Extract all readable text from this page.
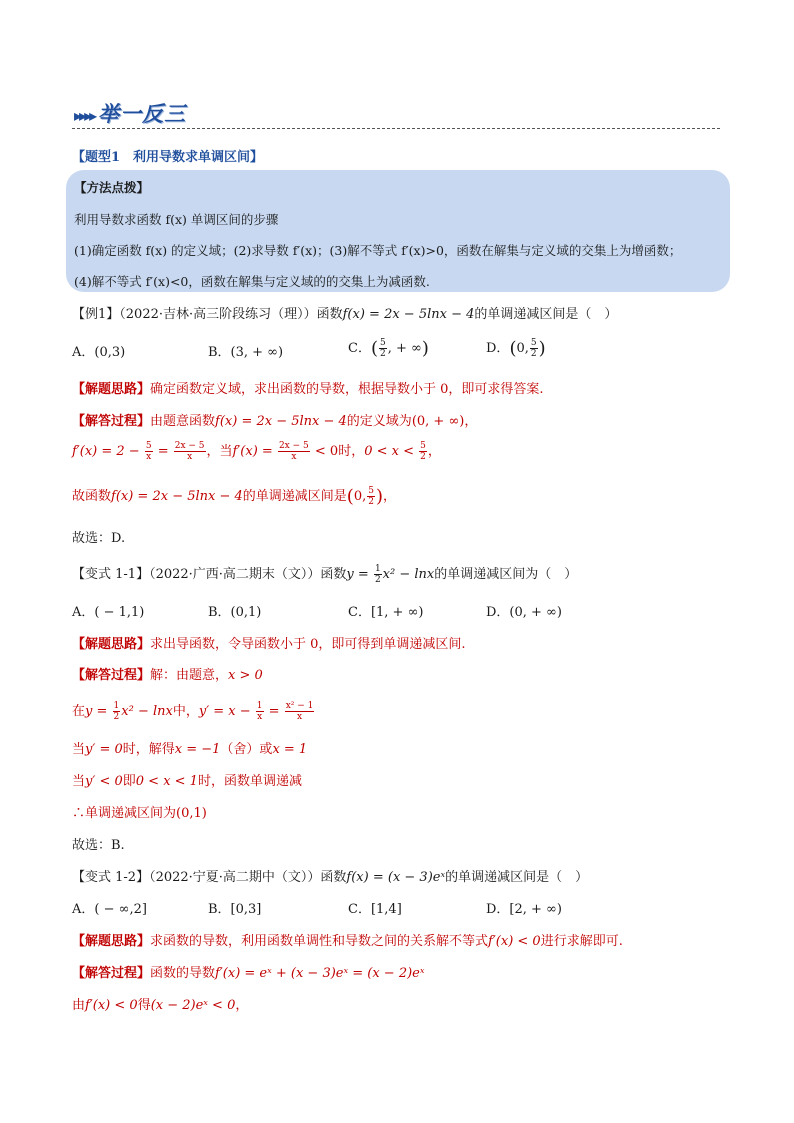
▸▸▸▸ 举一反三
【题型1　利用导数求单调区间】
【方法点拨】
利用导数求函数 f(x) 单调区间的步骤
(1)确定函数 f(x) 的定义域；(2)求导数 f′(x)；(3)解不等式 f′(x)>0，函数在解集与定义域的交集上为增函数；
(4)解不等式 f′(x)<0，函数在解集与定义域的的交集上为减函数.
【例1】（2022·吉林·高三阶段练习（理））函数f(x) = 2x − 5lnx − 4的单调递减区间是（　）
A．(0,3)	B．(3, + ∞)	C．( $\frac{5}{2}$ , + ∞)	D．(0, $\frac{5}{2}$ )
【解题思路】确定函数定义域，求出函数的导数，根据导数小于 0，即可求得答案.
【解答过程】由题意函数f(x) = 2x − 5lnx − 4的定义域为(0, + ∞)，
$f'(x) = 2 - \frac{5}{x} = \frac{2x - 5}{x}$ ，当$f'(x) = \frac{2x - 5}{x} < 0$时，$0 < x < \frac{5}{2}$ ，
故函数f(x) = 2x − 5lnx − 4的单调递减区间是(0, $\frac{5}{2}$ )，
故选：D.
【变式 1-1】（2022·广西·高二期末（文））函数$y = \frac{1}{2} x^2 - \ln x$的单调递减区间为（　）
A．( − 1,1)	B．(0,1)	C．[1, + ∞)	D．(0, + ∞)
【解题思路】求出导函数，令导函数小于 0，即可得到单调递减区间.
【解答过程】解：由题意，x > 0
在$y = \frac{1}{2} x^2 - \ln x$中，$y' = x - \frac{1}{x} = \frac{\text{x² − 1}}{x}$
当y′ = 0时，解得x = −1（舍）或x = 1
当y′ < 0即0 < x < 1时，函数单调递减
∴单调递减区间为(0,1)
故选：B.
【变式 1-2】（2022·宁夏·高二期中（文））函数f(x) = (x − 3)eˣ的单调递减区间是（　）
A．( − ∞,2]	B．[0,3]	C．[1,4]	D．[2, + ∞)
【解题思路】求函数的导数，利用函数单调性和导数之间的关系解不等式f′(x) < 0进行求解即可.
【解答过程】函数的导数f′(x) = eˣ + (x − 3)eˣ = (x − 2)eˣ
由f′(x) < 0得(x − 2)eˣ < 0，
